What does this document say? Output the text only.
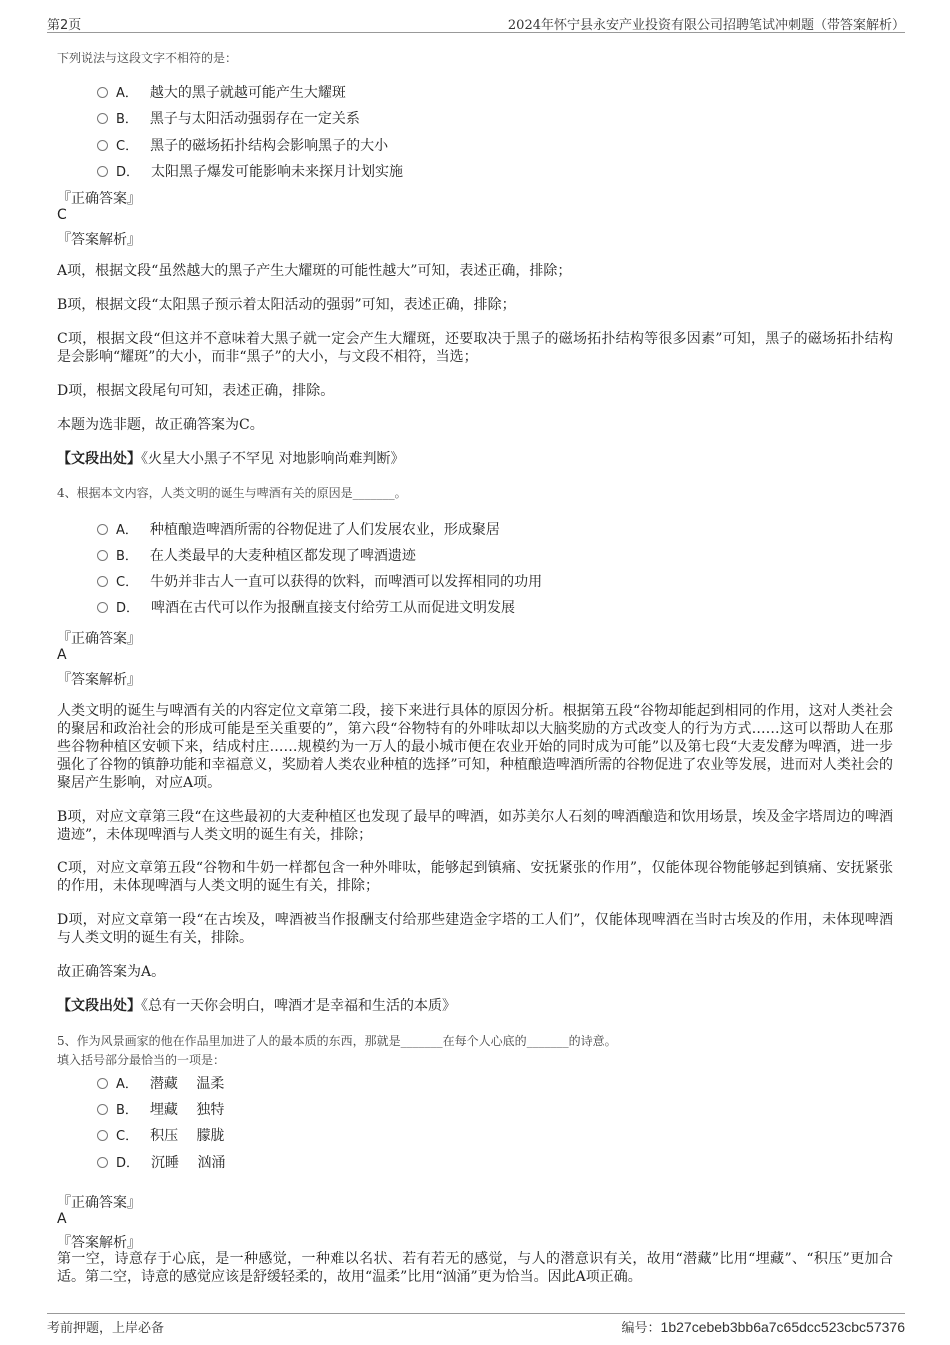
第2页	2024年怀宁县永安产业投资有限公司招聘笔试冲刺题（带答案解析）
下列说法与这段文字不相符的是：
A． 越大的黑子就越可能产生大耀斑
B． 黑子与太阳活动强弱存在一定关系
C． 黑子的磁场拓扑结构会影响黑子的大小
D． 太阳黑子爆发可能影响未来探月计划实施
『正确答案』
C
『答案解析』
A项，根据文段“虽然越大的黑子产生大耀斑的可能性越大”可知，表述正确，排除；
B项，根据文段“太阳黑子预示着太阳活动的强弱”可知，表述正确，排除；
C项，根据文段“但这并不意味着大黑子就一定会产生大耀斑，还要取决于黑子的磁场拓扑结构等很多因素”可知，黑子的磁场拓扑结构是会影响“耀斑”的大小，而非“黑子”的大小，与文段不相符，当选；
D项，根据文段尾句可知，表述正确，排除。
本题为选非题，故正确答案为C。
【文段出处】《火星大小黑子不罕见 对地影响尚难判断》
4、根据本文内容，人类文明的诞生与啤酒有关的原因是_______。
A． 种植酿造啤酒所需的谷物促进了人们发展农业，形成聚居
B． 在人类最早的大麦种植区都发现了啤酒遗迹
C． 牛奶并非古人一直可以获得的饮料，而啤酒可以发挥相同的功用
D． 啤酒在古代可以作为报酬直接支付给劳工从而促进文明发展
『正确答案』
A
『答案解析』
人类文明的诞生与啤酒有关的内容定位文章第二段，接下来进行具体的原因分析。根据第五段“谷物却能起到相同的作用，这对人类社会的聚居和政治社会的形成可能是至关重要的”，第六段“谷物特有的外啡呔却以大脑奖励的方式改变人的行为方式……这可以帮助人在那些谷物种植区安顿下来，结成村庄……规模约为一万人的最小城市便在农业开始的同时成为可能”以及第七段“大麦发酵为啤酒，进一步强化了谷物的镇静功能和幸福意义，奖励着人类农业种植的选择”可知，种植酿造啤酒所需的谷物促进了农业等发展，进而对人类社会的聚居产生影响，对应A项。
B项，对应文章第三段“在这些最初的大麦种植区也发现了最早的啤酒，如苏美尔人石刻的啤酒酿造和饮用场景，埃及金字塔周边的啤酒遗迹”，未体现啤酒与人类文明的诞生有关，排除；
C项，对应文章第五段“谷物和牛奶一样都包含一种外啡呔，能够起到镇痛、安抚紧张的作用”，仅能体现谷物能够起到镇痛、安抚紧张的作用，未体现啤酒与人类文明的诞生有关，排除；
D项，对应文章第一段“在古埃及，啤酒被当作报酬支付给那些建造金字塔的工人们”，仅能体现啤酒在当时古埃及的作用，未体现啤酒与人类文明的诞生有关，排除。
故正确答案为A。
【文段出处】《总有一天你会明白，啤酒才是幸福和生活的本质》
5、作为风景画家的他在作品里加进了人的最本质的东西，那就是_______在每个人心底的_______的诗意。
填入括号部分最恰当的一项是：
A． 潜藏　 温柔
B． 埋藏　 独特
C． 积压　 朦胧
D． 沉睡　 汹涌
『正确答案』
A
『答案解析』
第一空，诗意存于心底，是一种感觉，一种难以名状、若有若无的感觉，与人的潜意识有关，故用“潜藏”比用“埋藏”、“积压”更加合适。第二空，诗意的感觉应该是舒缓轻柔的，故用“温柔”比用“汹涌”更为恰当。因此A项正确。
考前押题，上岸必备	编号：1b27cebeb3bb6a7c65dcc523cbc57376
